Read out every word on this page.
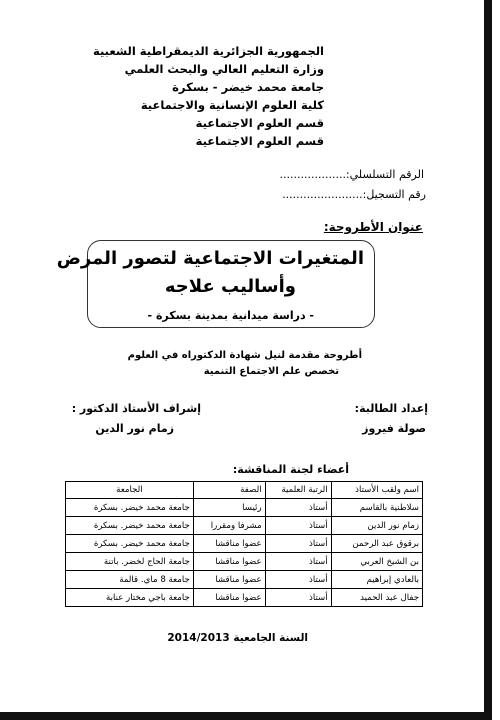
الجمهورية الجزائرية الديمقراطية الشعبية
وزارة التعليم العالي والبحث العلمي
جامعة محمد خيضر - بسكرة
كلية العلوم الإنسانية والاجتماعية
قسم العلوم الاجتماعية
قسم العلوم الاجتماعية
الرقم التسلسلي:...................
رقم التسجيل:.......................
عنوان الأطروحة:
المتغيرات الاجتماعية لتصور المرض
وأساليب علاجه
- دراسة ميدانية بمدينة بسكرة -
أطروحة مقدمة لنيل شهادة الدكتوراه في العلوم
تخصص علم الاجتماع التنمية
إعداد الطالبة:
صولة فيروز
إشراف الأستاذ الدكتور :
زمام نور الدين
أعضاء لجنة المناقشة:
اسم ولقب الأستاذ	الرتبة العلمية	الصفة	الجامعة
سلاطنية بالقاسم	أستاذ	رئيسا	جامعة محمد خيضر. بسكرة
زمام نور الدين	أستاذ	مشرفا ومقررا	جامعة محمد خيضر. بسكرة
برقوق عبد الرحمن	أستاذ	عضوا مناقشا	جامعة محمد خيضر. بسكرة
بن الشيخ العربي	أستاذ	عضوا مناقشا	جامعة الحاج لخضر. باتنة
بالعادي إبراهيم	أستاذ	عضوا مناقشا	جامعة 8 ماي. قالمة
جفال عبد الحميد	أستاذ	عضوا مناقشا	جامعة باجي مختار عنابة
السنة الجامعية 2014/2013
